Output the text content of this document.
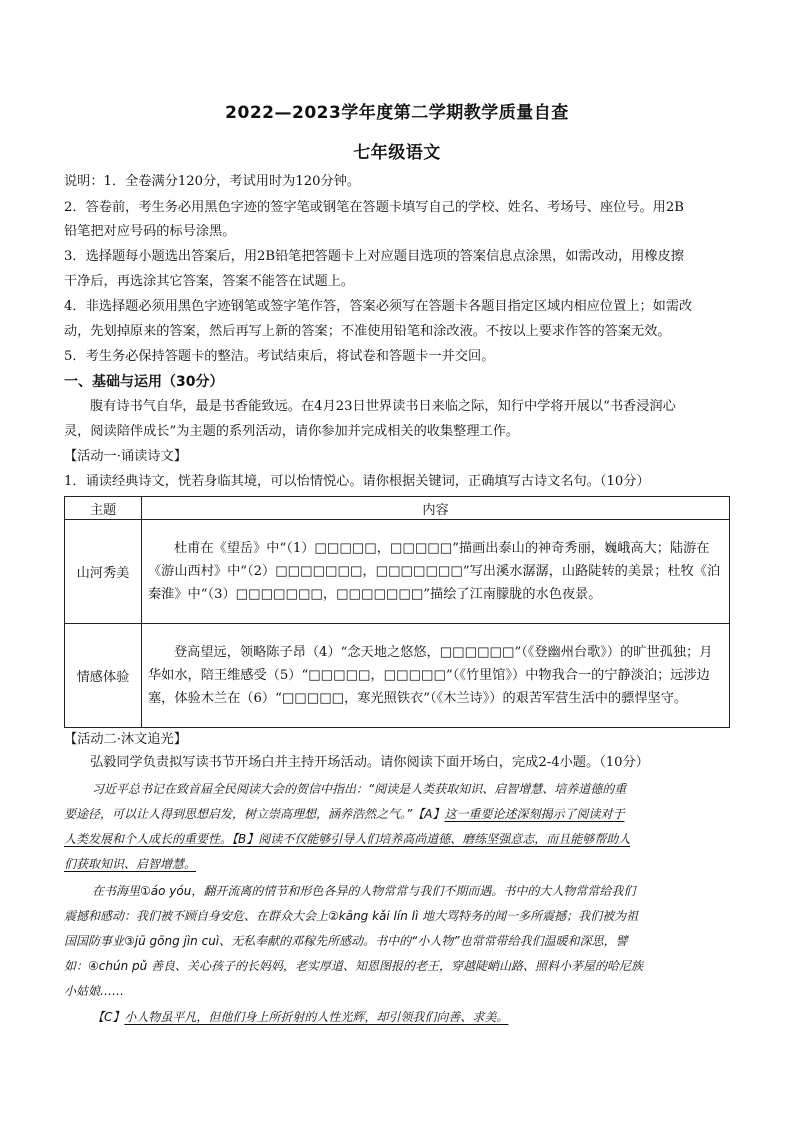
2022—2023学年度第二学期教学质量自查
七年级语文
说明：1．全卷满分120分，考试用时为120分钟。
2．答卷前，考生务必用黑色字迹的签字笔或钢笔在答题卡填写自己的学校、姓名、考场号、座位号。用2B
铅笔把对应号码的标号涂黑。
3．选择题每小题选出答案后，用2B铅笔把答题卡上对应题目选项的答案信息点涂黑，如需改动，用橡皮擦
干净后，再选涂其它答案，答案不能答在试题上。
4．非选择题必须用黑色字迹钢笔或签字笔作答，答案必须写在答题卡各题目指定区域内相应位置上；如需改
动，先划掉原来的答案，然后再写上新的答案；不准使用铅笔和涂改液。不按以上要求作答的答案无效。
5．考生务必保持答题卡的整洁。考试结束后，将试卷和答题卡一并交回。
一、基础与运用（30分）
腹有诗书气自华，最是书香能致远。在4月23日世界读书日来临之际，知行中学将开展以“书香浸润心
灵，阅读陪伴成长”为主题的系列活动，请你参加并完成相关的收集整理工作。
【活动一·诵读诗文】
1．诵读经典诗文，恍若身临其境，可以怡情悦心。请你根据关键词，正确填写古诗文名句。（10分）
主题	内容
山河秀美	杜甫在《望岳》中“（1）□□□□□，□□□□□”描画出泰山的神奇秀丽，巍峨高大；陆游在《游山西村》中“（2）□□□□□□□，□□□□□□□”写出溪水潺潺，山路陡转的美景；杜牧《泊秦淮》中“（3）□□□□□□□，□□□□□□□”描绘了江南朦胧的水色夜景。
情感体验	登高望远，领略陈子昂（4）“念天地之悠悠，□□□□□□”（《登幽州台歌》）的旷世孤独；月华如水，陪王维感受（5）“□□□□□，□□□□□”（《竹里馆》）中物我合一的宁静淡泊；远涉边塞，体验木兰在（6）“□□□□□，寒光照铁衣”（《木兰诗》）的艰苦军营生活中的骠悍坚守。
【活动二·沐文追光】
弘毅同学负责拟写读书节开场白并主持开场活动。请你阅读下面开场白，完成2-4小题。（10分）
习近平总书记在致首届全民阅读大会的贺信中指出：“阅读是人类获取知识、启智增慧、培养道德的重
要途径，可以让人得到思想启发，树立崇高理想，涵养浩然之气。”【A】这一重要论述深刻揭示了阅读对于
人类发展和个人成长的重要性。【B】阅读不仅能够引导人们培养高尚道德、磨练坚强意志，而且能够帮助人
们获取知识、启智增慧。
在书海里①áo yóu，翻开流离的情节和形色各异的人物常常与我们不期而遇。书中的大人物常常给我们
震撼和感动：我们被不顾自身安危、在群众大会上②kāng kǎi lín lì 地大骂特务的闻一多所震撼；我们被为祖
国国防事业③jū gōng jìn cuì、无私奉献的邓稼先所感动。书中的“小人物”也常常带给我们温暖和深思，譬
如：④chún pǔ 善良、关心孩子的长妈妈，老实厚道、知恩图报的老王，穿越陡峭山路、照料小茅屋的哈尼族
小姑娘……
【C】小人物虽平凡，但他们身上所折射的人性光辉，却引领我们向善、求美。
